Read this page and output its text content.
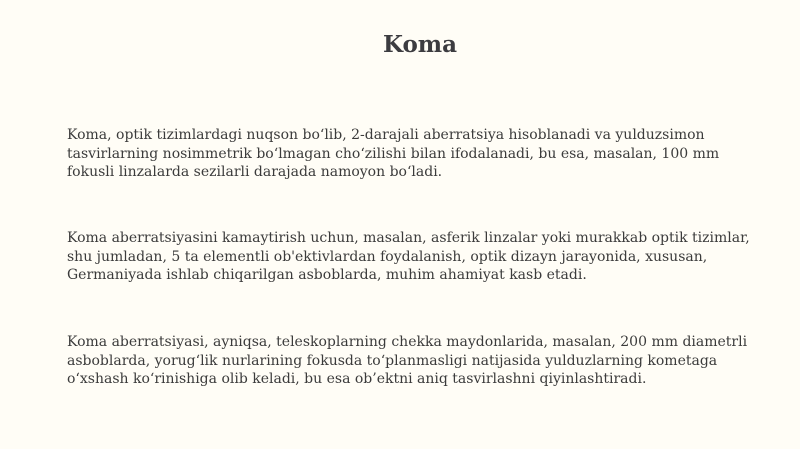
Koma

Koma, optik tizimlardagi nuqson bo‘lib, 2-darajali aberratsiya hisoblanadi va yulduzsimon tasvirlarning nosimmetrik bo‘lmagan cho‘zilishi bilan ifodalanadi, bu esa, masalan, 100 mm fokusli linzalarda sezilarli darajada namoyon bo‘ladi.

Koma aberratsiyasini kamaytirish uchun, masalan, asferik linzalar yoki murakkab optik tizimlar, shu jumladan, 5 ta elementli ob'ektivlardan foydalanish, optik dizayn jarayonida, xususan, Germaniyada ishlab chiqarilgan asboblarda, muhim ahamiyat kasb etadi.

Koma aberratsiyasi, ayniqsa, teleskoplarning chekka maydonlarida, masalan, 200 mm diametrli asboblarda, yorug‘lik nurlarining fokusda to‘planmasligi natijasida yulduzlarning kometaga o‘xshash ko‘rinishiga olib keladi, bu esa ob’ektni aniq tasvirlashni qiyinlashtiradi.
